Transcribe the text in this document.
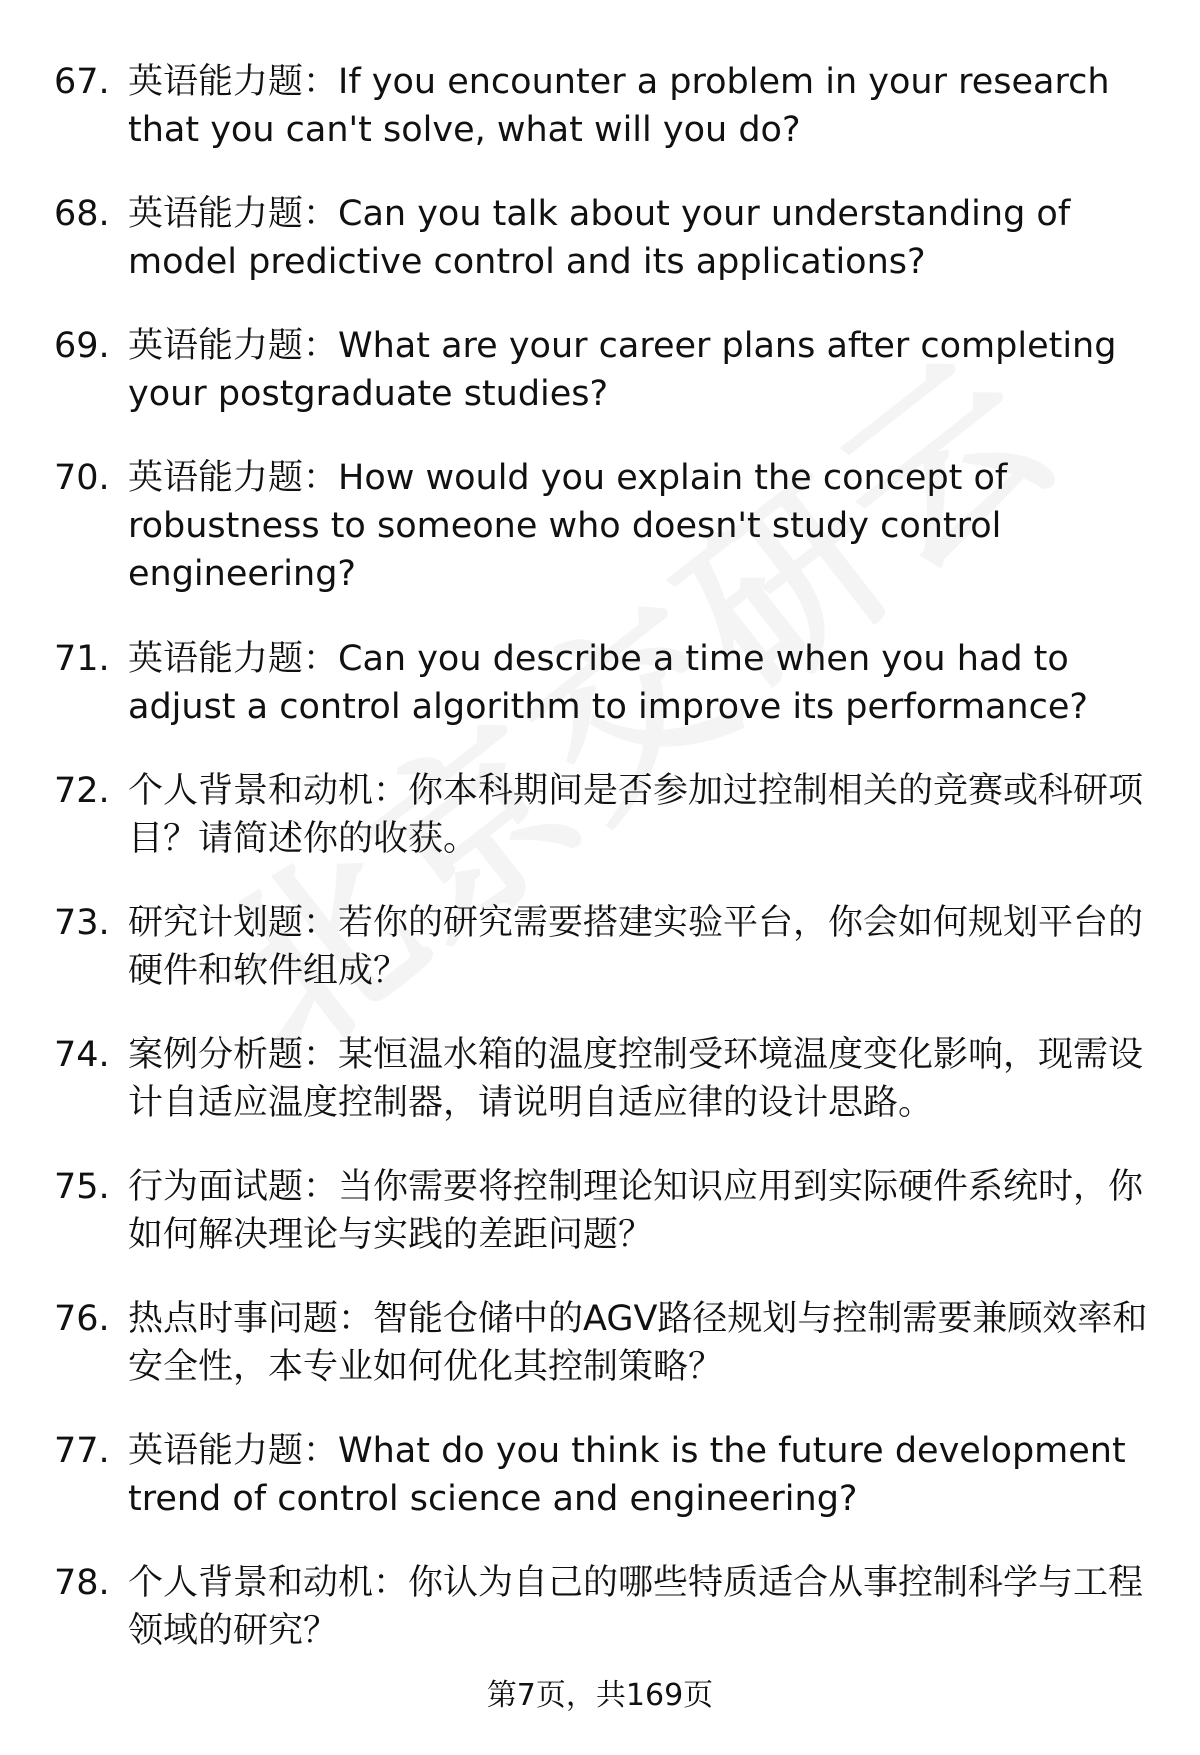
67. 英语能力题：If you encounter a problem in your research that you can't solve, what will you do?

68. 英语能力题：Can you talk about your understanding of model predictive control and its applications?

69. 英语能力题：What are your career plans after completing your postgraduate studies?

70. 英语能力题：How would you explain the concept of robustness to someone who doesn't study control engineering?

71. 英语能力题：Can you describe a time when you had to adjust a control algorithm to improve its performance?

72. 个人背景和动机：你本科期间是否参加过控制相关的竞赛或科研项目？请简述你的收获。

73. 研究计划题：若你的研究需要搭建实验平台，你会如何规划平台的硬件和软件组成？

74. 案例分析题：某恒温水箱的温度控制受环境温度变化影响，现需设计自适应温度控制器，请说明自适应律的设计思路。

75. 行为面试题：当你需要将控制理论知识应用到实际硬件系统时，你如何解决理论与实践的差距问题？

76. 热点时事问题：智能仓储中的AGV路径规划与控制需要兼顾效率和安全性，本专业如何优化其控制策略？

77. 英语能力题：What do you think is the future development trend of control science and engineering?

78. 个人背景和动机：你认为自己的哪些特质适合从事控制科学与工程领域的研究？

第7页，共169页
